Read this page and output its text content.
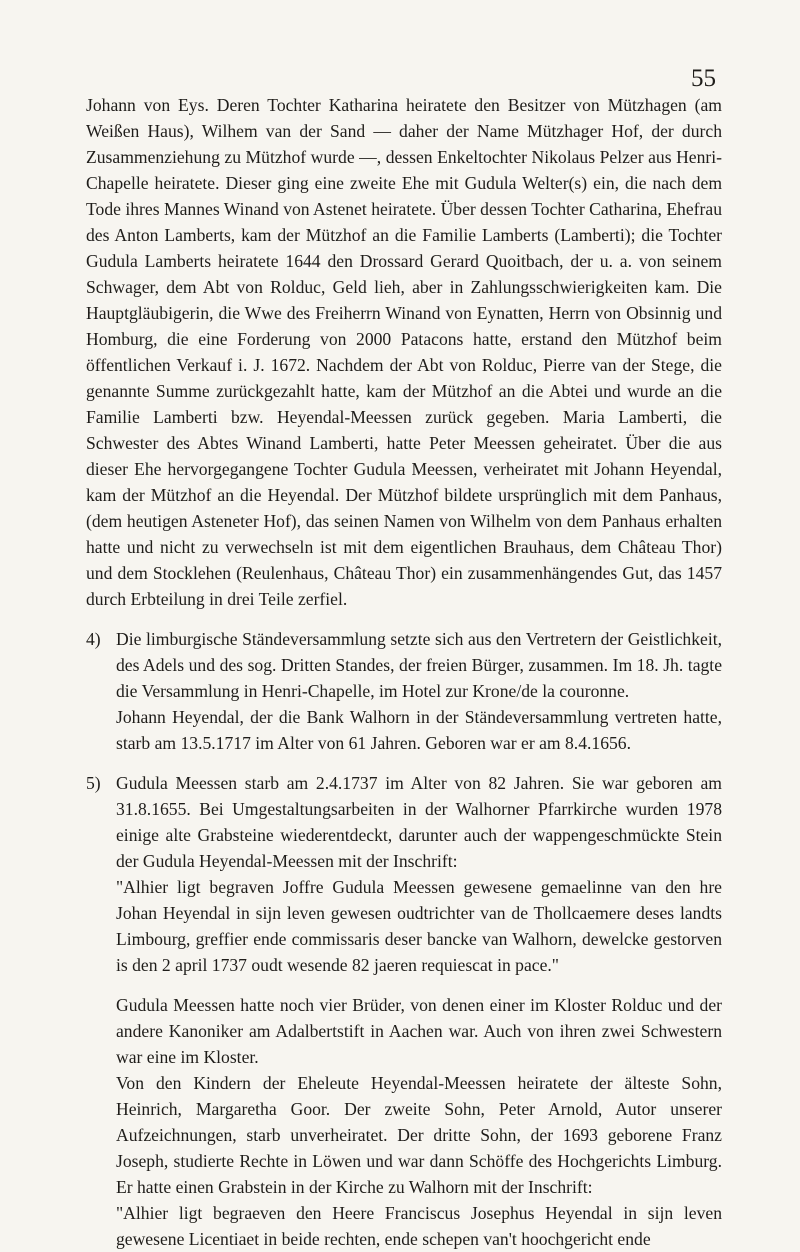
55

Johann von Eys. Deren Tochter Katharina heiratete den Besitzer von Mützhagen (am Weißen Haus), Wilhem van der Sand — daher der Name Mützhager Hof, der durch Zusammenziehung zu Mützhof wurde —, dessen Enkeltochter Nikolaus Pelzer aus Henri-Chapelle heiratete. Dieser ging eine zweite Ehe mit Gudula Welter(s) ein, die nach dem Tode ihres Mannes Winand von Astenet heiratete. Über dessen Tochter Catharina, Ehefrau des Anton Lamberts, kam der Mützhof an die Familie Lamberts (Lamberti); die Tochter Gudula Lamberts heiratete 1644 den Drossard Gerard Quoitbach, der u. a. von seinem Schwager, dem Abt von Rolduc, Geld lieh, aber in Zahlungsschwierigkeiten kam. Die Hauptgläubigerin, die Wwe des Freiherrn Winand von Eynatten, Herrn von Obsinnig und Homburg, die eine Forderung von 2000 Patacons hatte, erstand den Mützhof beim öffentlichen Verkauf i. J. 1672. Nachdem der Abt von Rolduc, Pierre van der Stege, die genannte Summe zurückgezahlt hatte, kam der Mützhof an die Abtei und wurde an die Familie Lamberti bzw. Heyendal-Meessen zurück gegeben. Maria Lamberti, die Schwester des Abtes Winand Lamberti, hatte Peter Meessen geheiratet. Über die aus dieser Ehe hervorgegangene Tochter Gudula Meessen, verheiratet mit Johann Heyendal, kam der Mützhof an die Heyendal. Der Mützhof bildete ursprünglich mit dem Panhaus, (dem heutigen Asteneter Hof), das seinen Namen von Wilhelm von dem Panhaus erhalten hatte und nicht zu verwechseln ist mit dem eigentlichen Brauhaus, dem Château Thor) und dem Stocklehen (Reulenhaus, Château Thor) ein zusammenhängendes Gut, das 1457 durch Erbteilung in drei Teile zerfiel.

4) Die limburgische Ständeversammlung setzte sich aus den Vertretern der Geistlichkeit, des Adels und des sog. Dritten Standes, der freien Bürger, zusammen. Im 18. Jh. tagte die Versammlung in Henri-Chapelle, im Hotel zur Krone/de la couronne.

Johann Heyendal, der die Bank Walhorn in der Ständeversammlung vertreten hatte, starb am 13.5.1717 im Alter von 61 Jahren. Geboren war er am 8.4.1656.

5) Gudula Meessen starb am 2.4.1737 im Alter von 82 Jahren. Sie war geboren am 31.8.1655. Bei Umgestaltungsarbeiten in der Walhorner Pfarrkirche wurden 1978 einige alte Grabsteine wiederentdeckt, darunter auch der wappengeschmückte Stein der Gudula Heyendal-Meessen mit der Inschrift:

"Alhier ligt begraven Joffre Gudula Meessen gewesene gemaelinne van den hre Johan Heyendal in sijn leven gewesen oudtrichter van de Thollcaemere deses landts Limbourg, greffier ende commissaris deser bancke van Walhorn, dewelcke gestorven is den 2 april 1737 oudt wesende 82 jaeren requiescat in pace."

Gudula Meessen hatte noch vier Brüder, von denen einer im Kloster Rolduc und der andere Kanoniker am Adalbertstift in Aachen war. Auch von ihren zwei Schwestern war eine im Kloster.

Von den Kindern der Eheleute Heyendal-Meessen heiratete der älteste Sohn, Heinrich, Margaretha Goor. Der zweite Sohn, Peter Arnold, Autor unserer Aufzeichnungen, starb unverheiratet. Der dritte Sohn, der 1693 geborene Franz Joseph, studierte Rechte in Löwen und war dann Schöffe des Hochgerichts Limburg. Er hatte einen Grabstein in der Kirche zu Walhorn mit der Inschrift:

"Alhier ligt begraeven den Heere Franciscus Josephus Heyendal in sijn leven gewesene Licentiaet in beide rechten, ende schepen van't hoochgericht ende
